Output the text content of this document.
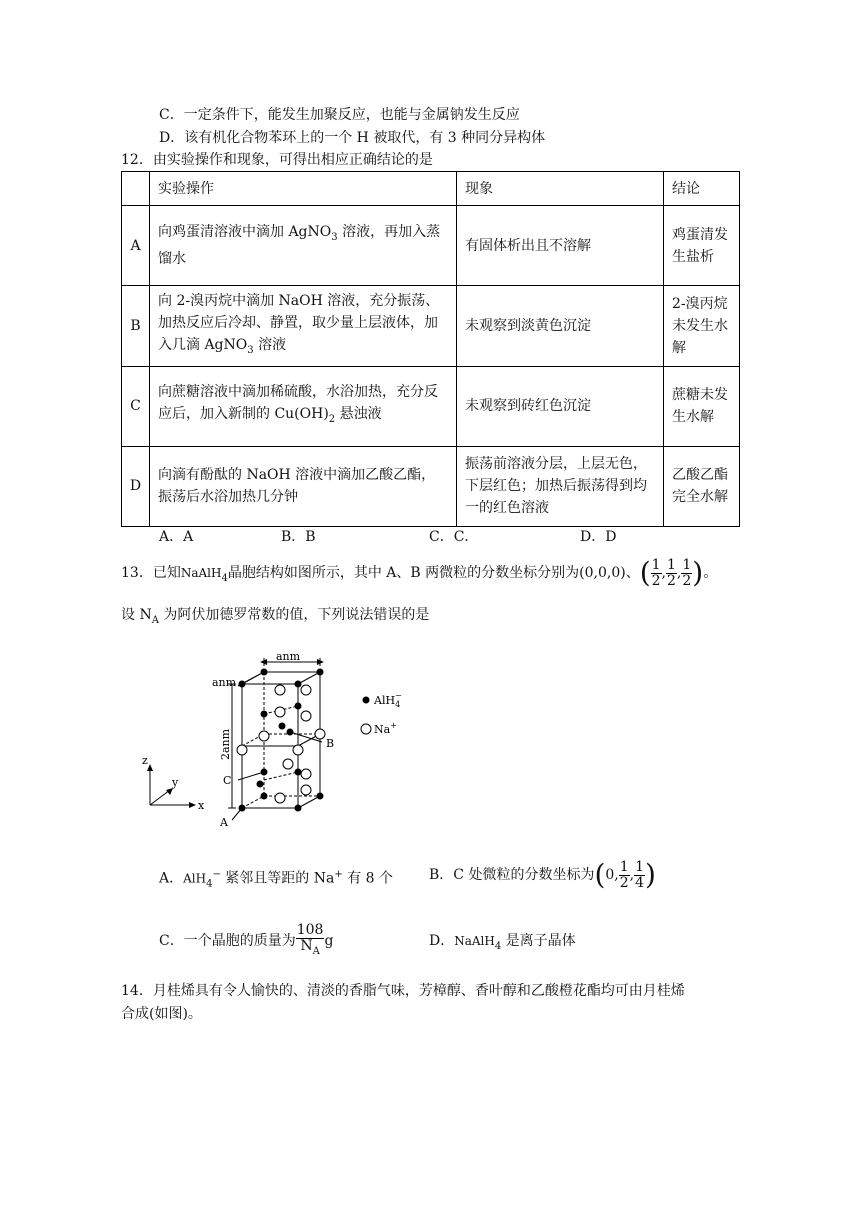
C．一定条件下，能发生加聚反应，也能与金属钠发生反应
D．该有机化合物苯环上的一个 H 被取代，有 3 种同分异构体
12．由实验操作和现象，可得出相应正确结论的是
	实验操作	现象	结论
A	向鸡蛋清溶液中滴加 AgNO$_3$ 溶液，再加入蒸馏水	有固体析出且不溶解	鸡蛋清发生盐析
B	向 2-溴丙烷中滴加 NaOH 溶液，充分振荡、加热反应后冷却、静置，取少量上层液体，加入几滴 AgNO$_3$ 溶液	未观察到淡黄色沉淀	2-溴丙烷未发生水解
C	向蔗糖溶液中滴加稀硫酸，水浴加热，充分反应后，加入新制的 $Cu(OH)_2$ 悬浊液	未观察到砖红色沉淀	蔗糖未发生水解
D	向滴有酚酞的 NaOH 溶液中滴加乙酸乙酯，振荡后水浴加热几分钟	振荡前溶液分层，上层无色，下层红色；加热后振荡得到均一的红色溶液	乙酸乙酯完全水解
A．A	B．B	C．C．	D．D
13．已知NaAlH$_4$晶胞结构如图所示，其中 A、B 两微粒的分数坐标分别为(0,0,0)、( $\frac{1}{2}$ , $\frac{1}{2}$ , $\frac{1}{2}$ )。
设 $N_A$ 为阿伏加德罗常数的值，下列说法错误的是
anm
anm
2anm
A
B
C
x
y
z
AlH$_4$−
Na+
A．AlH$_4$− 紧邻且等距的 Na+ 有 8 个	B．C 处微粒的分数坐标为(0, $\frac{1}{2}$ , $\frac{1}{4}$ )
C．一个晶胞的质量为 $\frac{108}{N_A}$ g	D．NaAlH$_4$ 是离子晶体
14．月桂烯具有令人愉快的、清淡的香脂气味，芳樟醇、香叶醇和乙酸橙花酯均可由月桂烯
合成(如图)。
